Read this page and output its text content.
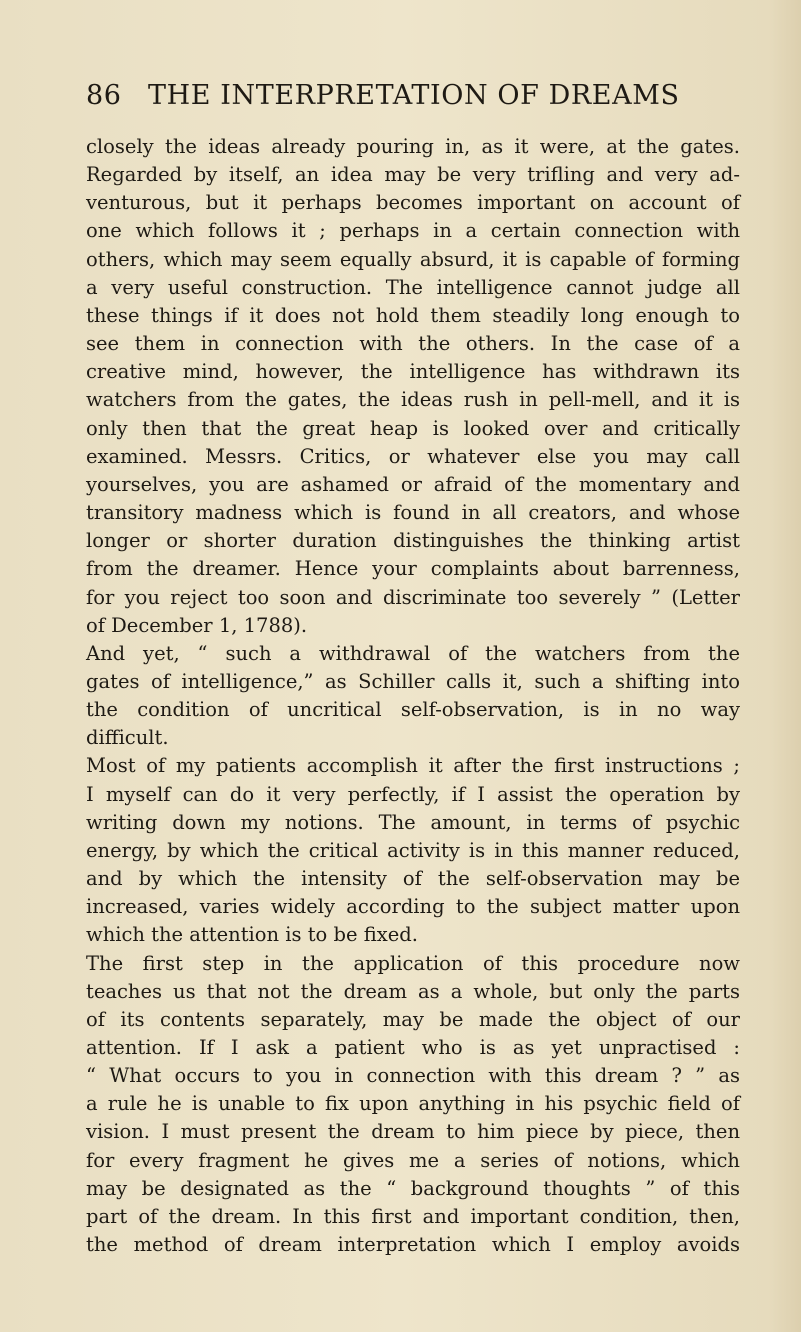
86 THE INTERPRETATION OF DREAMS

closely the ideas already pouring in, as it were, at the gates.

Regarded by itself, an idea may be very trifling and very ad-

venturous, but it perhaps becomes important on account of

one which follows it ; perhaps in a certain connection with

others, which may seem equally absurd, it is capable of forming

a very useful construction. The intelligence cannot judge all

these things if it does not hold them steadily long enough to

see them in connection with the others. In the case of a

creative mind, however, the intelligence has withdrawn its

watchers from the gates, the ideas rush in pell-mell, and it is

only then that the great heap is looked over and critically

examined. Messrs. Critics, or whatever else you may call

yourselves, you are ashamed or afraid of the momentary and

transitory madness which is found in all creators, and whose

longer or shorter duration distinguishes the thinking artist

from the dreamer. Hence your complaints about barrenness,

for you reject too soon and discriminate too severely ” (Letter

of December 1, 1788).

And yet, “ such a withdrawal of the watchers from the

gates of intelligence,” as Schiller calls it, such a shifting into

the condition of uncritical self-observation, is in no way

difficult.

Most of my patients accomplish it after the first instructions ;

I myself can do it very perfectly, if I assist the operation by

writing down my notions. The amount, in terms of psychic

energy, by which the critical activity is in this manner reduced,

and by which the intensity of the self-observation may be

increased, varies widely according to the subject matter upon

which the attention is to be fixed.

The first step in the application of this procedure now

teaches us that not the dream as a whole, but only the parts

of its contents separately, may be made the object of our

attention. If I ask a patient who is as yet unpractised :

“ What occurs to you in connection with this dream ? ” as

a rule he is unable to fix upon anything in his psychic field of

vision. I must present the dream to him piece by piece, then

for every fragment he gives me a series of notions, which

may be designated as the “ background thoughts ” of this

part of the dream. In this first and important condition, then,

the method of dream interpretation which I employ avoids
